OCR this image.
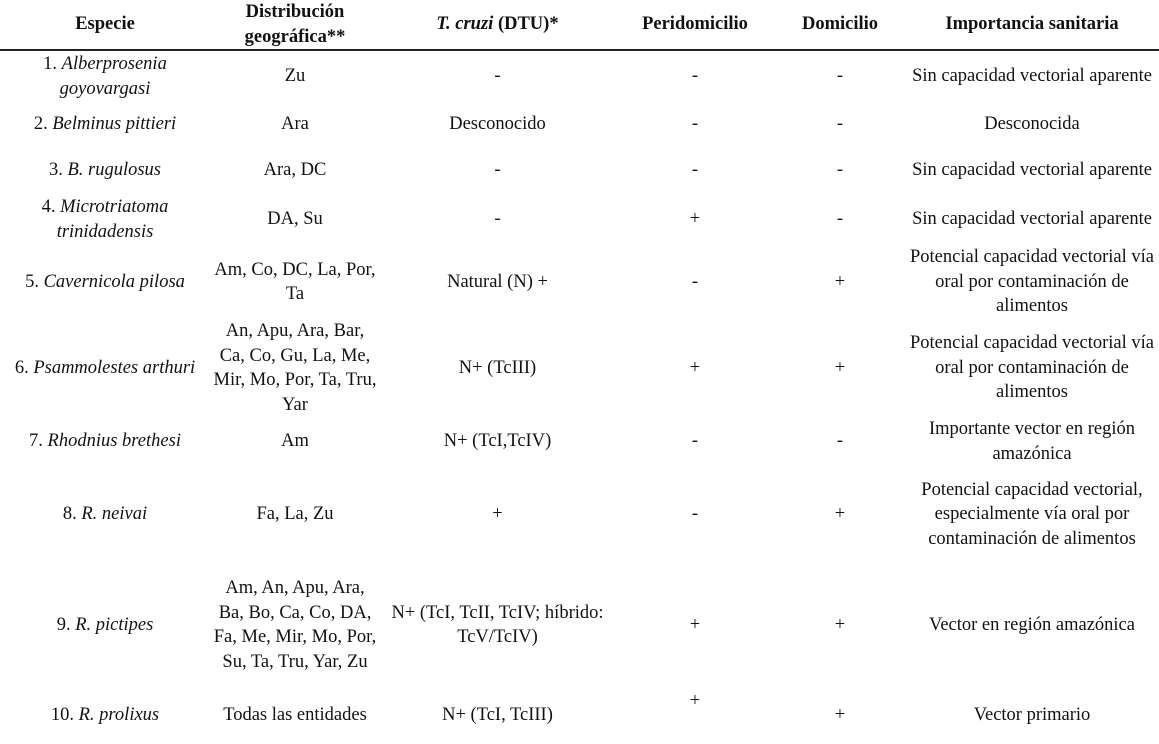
Especie	Distribución geográfica**	T. cruzi (DTU)*	Peridomicilio	Domicilio	Importancia sanitaria
1. Alberprosenia goyovargasi	Zu	-	-	-	Sin capacidad vectorial aparente
2. Belminus pittieri	Ara	Desconocido	-	-	Desconocida
3. B. rugulosus	Ara, DC	-	-	-	Sin capacidad vectorial aparente
4. Microtriatoma trinidadensis	DA, Su	-	+	-	Sin capacidad vectorial aparente
5. Cavernicola pilosa	Am, Co, DC, La, Por, Ta	Natural (N) +	-	+	Potencial capacidad vectorial vía oral por contaminación de alimentos
6. Psammolestes arthuri	An, Apu, Ara, Bar, Ca, Co, Gu, La, Me, Mir, Mo, Por, Ta, Tru, Yar	N+ (TcIII)	+	+	Potencial capacidad vectorial vía oral por contaminación de alimentos
7. Rhodnius brethesi	Am	N+ (TcI,TcIV)	-	-	Importante vector en región amazónica
8. R. neivai	Fa, La, Zu	+	-	+	Potencial capacidad vectorial, especialmente vía oral por contaminación de alimentos
9. R. pictipes	Am, An, Apu, Ara, Ba, Bo, Ca, Co, DA, Fa, Me, Mir, Mo, Por, Su, Ta, Tru, Yar, Zu	N+ (TcI, TcII, TcIV; híbrido: TcV/TcIV)	+	+	Vector en región amazónica
10. R. prolixus	Todas las entidades	N+ (TcI, TcIII)	+	+	Vector primario
